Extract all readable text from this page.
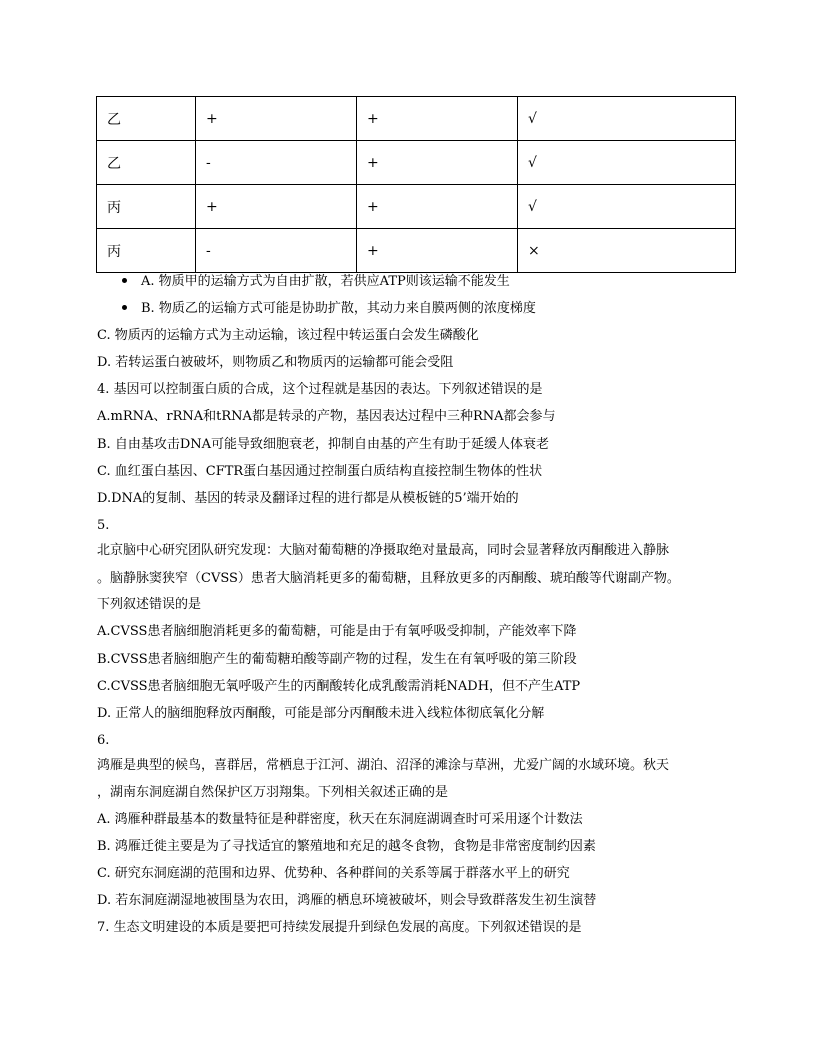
乙	+	+	√
乙	-	+	√
丙	+	+	√
丙	-	+	×
A. 物质甲的运输方式为自由扩散，若供应ATP则该运输不能发生
B. 物质乙的运输方式可能是协助扩散，其动力来自膜两侧的浓度梯度
C. 物质丙的运输方式为主动运输，该过程中转运蛋白会发生磷酸化
D. 若转运蛋白被破坏，则物质乙和物质丙的运输都可能会受阻
4. 基因可以控制蛋白质的合成，这个过程就是基因的表达。下列叙述错误的是
A.mRNA、rRNA和tRNA都是转录的产物，基因表达过程中三种RNA都会参与
B. 自由基攻击DNA可能导致细胞衰老，抑制自由基的产生有助于延缓人体衰老
C. 血红蛋白基因、CFTR蛋白基因通过控制蛋白质结构直接控制生物体的性状
D.DNA的复制、基因的转录及翻译过程的进行都是从模板链的5’端开始的
5.
北京脑中心研究团队研究发现：大脑对葡萄糖的净摄取绝对量最高，同时会显著释放丙酮酸进入静脉
。脑静脉窦狭窄（CVSS）患者大脑消耗更多的葡萄糖，且释放更多的丙酮酸、琥珀酸等代谢副产物。
下列叙述错误的是
A.CVSS患者脑细胞消耗更多的葡萄糖，可能是由于有氧呼吸受抑制，产能效率下降
B.CVSS患者脑细胞产生的葡萄糖珀酸等副产物的过程，发生在有氧呼吸的第三阶段
C.CVSS患者脑细胞无氧呼吸产生的丙酮酸转化成乳酸需消耗NADH，但不产生ATP
D. 正常人的脑细胞释放丙酮酸，可能是部分丙酮酸未进入线粒体彻底氧化分解
6.
鸿雁是典型的候鸟，喜群居，常栖息于江河、湖泊、沼泽的滩涂与草洲，尤爱广阔的水域环境。秋天
，湖南东洞庭湖自然保护区万羽翔集。下列相关叙述正确的是
A. 鸿雁种群最基本的数量特征是种群密度，秋天在东洞庭湖调查时可采用逐个计数法
B. 鸿雁迁徙主要是为了寻找适宜的繁殖地和充足的越冬食物，食物是非常密度制约因素
C. 研究东洞庭湖的范围和边界、优势种、各种群间的关系等属于群落水平上的研究
D. 若东洞庭湖湿地被围垦为农田，鸿雁的栖息环境被破坏，则会导致群落发生初生演替
7. 生态文明建设的本质是要把可持续发展提升到绿色发展的高度。下列叙述错误的是
